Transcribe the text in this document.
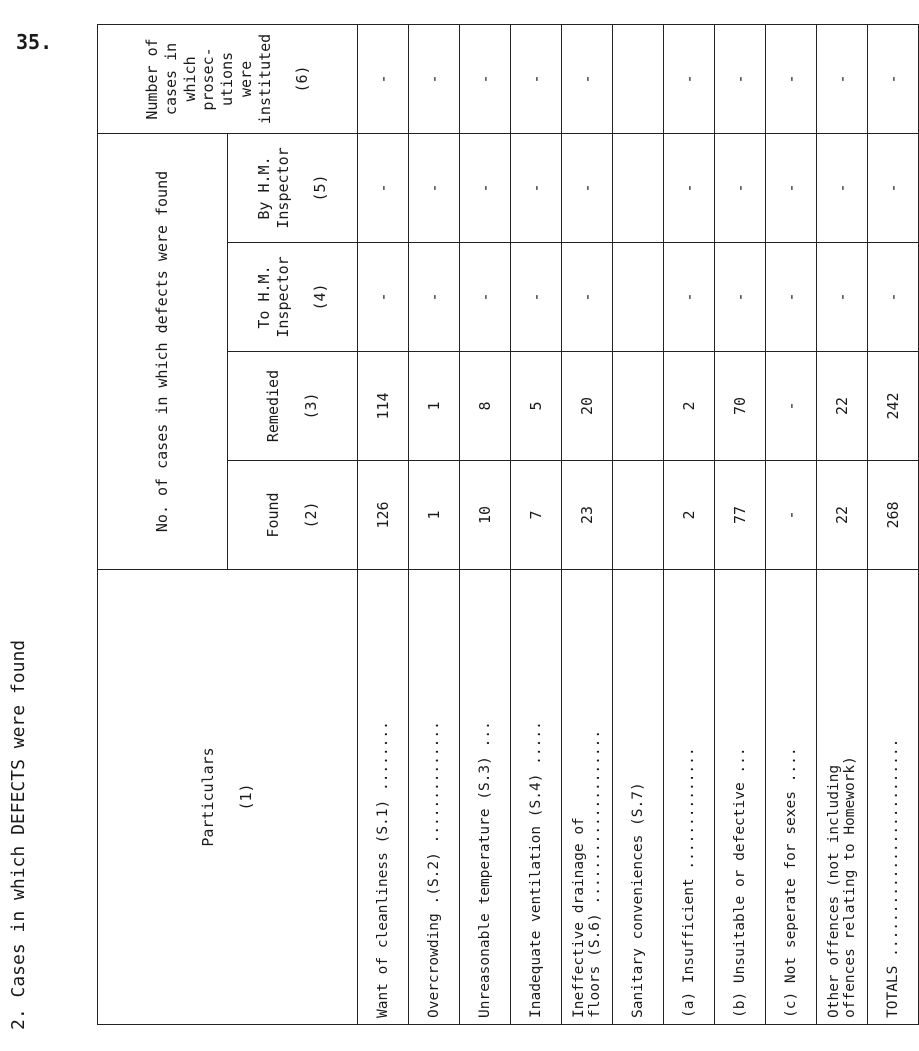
35.
2. Cases in which DEFECTS were found	Particulars (1)	No. of cases in which defects were found				Number of cases in which prosec-utions were instituted (6)
	Found (2)	Remedied (3)	To H.M. Inspector (4)	By H.M. Inspector (5)	
Want of cleanliness (S.1) ........	126	114	-	-	-
Overcrowding .(S.2) ..............	1	1	-	-	-
Unreasonable temperature (S.3) ...	10	8	-	-	-
Inadequate ventilation (S.4) .....	7	5	-	-	-
Ineffective drainage of
floors (S.6) ....................	23	20	-	-	-
Sanitary conveniences (S.7)					
(a) Insufficient ..............	2	2	-	-	-
(b) Unsuitable or defective ...	77	70	-	-	-
(c) Not seperate for sexes ....	-	-	-	-	-
Other offences (not including
offences relating to Homework)	22	22	-	-	-
TOTALS .........................	268	242	-	-	-
